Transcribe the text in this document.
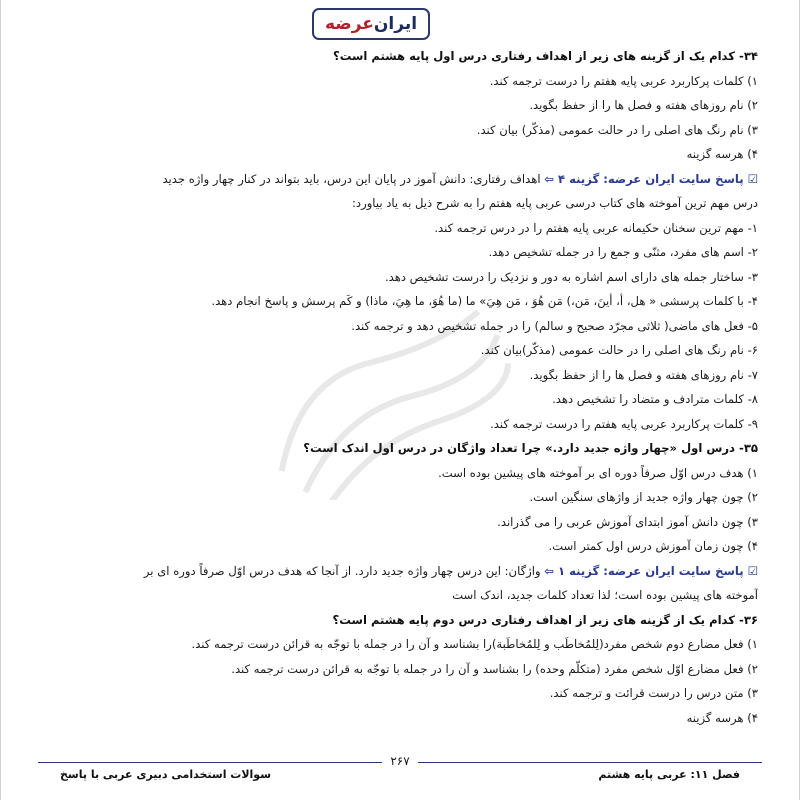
ایران
عرضه

۳۴- کدام یک از گزینه های زیر از اهداف رفتاری درس اول پایه هشتم است؟

۱) کلمات پرکاربرد عربی پایه هفتم را درست ترجمه کند.

۲) نام روزهای هفته و فصل ها را از حفظ بگوید.

۳) نام رنگ های اصلی را در حالت عمومی (مذکّر) بیان کند.

۴) هرسه گزینه

☑پاسخ سایت ایران عرضه: گزینه ۴ ⇦ اهداف رفتاری: دانش آموز در پایان این درس، باید بتواند در کنار چهار واژه جدید

درس مهم ترین آموخته های کتاب درسی عربی پایه هفتم را به شرح ذیل به یاد بیاورد:

۱- مهم ترین سخنان حکیمانه عربی پایه هفتم را در درس ترجمه کند.

۲- اسم های مفرد، مثنّی و جمع را در جمله تشخیص دهد.

۳- ساختار جمله های دارای اسم اشاره به دور و نزدیک را درست تشخیص دهد.

۴- با کلمات پرسشی « هل، أ، أينَ، مَن،) مَن هُوَ ، مَن هِيَ» ما (ما هُوَ، ما هِيَ، ماذا) و کَم پرسش و پاسخ انجام دهد.

۵- فعل های ماضی( ثلاثی مجرّد صحیح و سالم) را در جمله تشخیص دهد و ترجمه کند.

۶- نام رنگ های اصلی را در حالت عمومی (مذکّر)بیان کند.

۷- نام روزهای هفته و فصل ها را از حفظ بگوید.

۸- کلمات مترادف و متضاد را تشخیص دهد.

۹- کلمات پرکاربرد عربی پایه هفتم را درست ترجمه کند.

۳۵- درس اول «چهار واژه جدید دارد.» چرا تعداد واژگان در درس اول اندک است؟

۱) هدف درس اوّل صرفاً دوره ای بر آموخته های پیشین بوده است.

۲) چون چهار واژه جدید از واژهای سنگین است.

۳) چون دانش آموز ابتدای آموزش عربی را می گذراند.

۴) چون زمان آموزش درس اول کمتر است.

☑پاسخ سایت ایران عرضه: گزینه ۱ ⇦ واژگان: این درس چهار واژه جدید دارد. از آنجا که هدف درس اوّل صرفاً دوره ای بر

آموخته های پیشین بوده است؛ لذا تعداد کلمات جدید، اندک است

۳۶- کدام یک از گزینه های زیر از اهداف رفتاری درس دوم پایه هشتم است؟

۱) فعل مضارع دوم شخص مفرد(لِلمُخاطَب و لِلمُخاطَبة)را بشناسد و آن را در جمله با توجّه به قرائن درست ترجمه کند.

۲) فعل مضارع اوّل شخص مفرد (متکلّم وحده) را بشناسد و آن را در جمله با توجّه به قرائن درست ترجمه کند.

۳) متن درس را درست قرائت و ترجمه کند.

۴) هرسه گزینه

۲۶۷
سوالات استخدامی دبیری عربی با پاسخ	فصل ۱۱: عربی پایه هشتم
